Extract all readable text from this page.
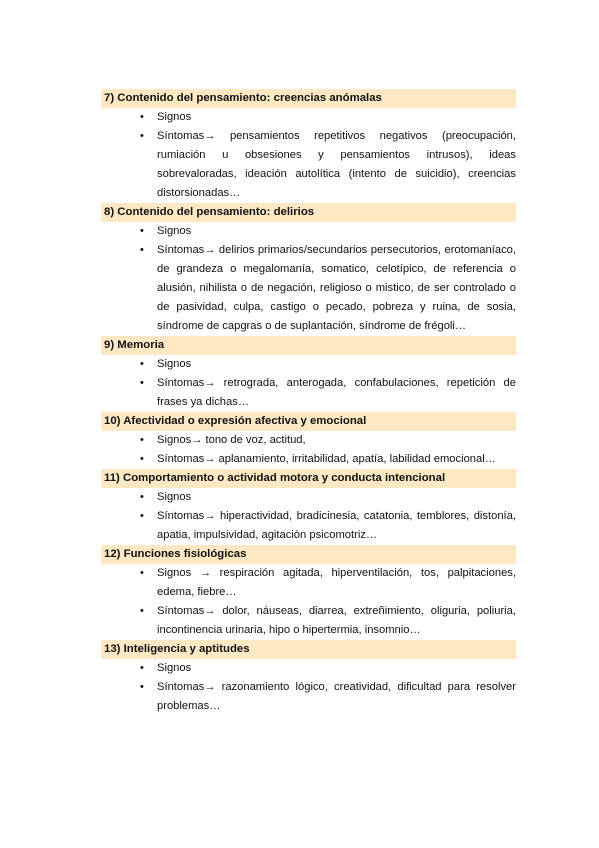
7) Contenido del pensamiento: creencias anómalas
• Signos
• Síntomas→ pensamientos repetitivos negativos (preocupación, rumiación u obsesiones y pensamientos intrusos), ideas sobrevaloradas, ideación autolítica (intento de suicidio), creencias distorsionadas…
8) Contenido del pensamiento: delirios
• Signos
• Síntomas→ delirios primarios/secundarios persecutorios, erotomaníaco, de grandeza o megalomanía, somatico, celotípico, de referencia o alusión, nihilista o de negación, religioso o mistico, de ser controlado o de pasividad, culpa, castigo o pecado, pobreza y ruina, de sosia, síndrome de capgras o de suplantación, síndrome de frégoli…
9) Memoria
• Signos
• Síntomas→ retrograda, anterogada, confabulaciones, repetición de frases ya dichas…
10) Afectividad o expresión afectiva y emocional
• Signos→ tono de voz, actitud,
• Síntomas→ aplanamiento, irritabilidad, apatía, labilidad emocional…
11) Comportamiento o actividad motora y conducta intencional
• Signos
• Síntomas→ hiperactividad, bradicinesia, catatonia, temblores, distonía, apatia, impulsividad, agitación psicomotriz…
12) Funciones fisiológicas
• Signos → respiración agitada, hiperventilación, tos, palpitaciones, edema, fiebre…
• Síntomas→ dolor, náuseas, diarrea, extreñimiento, oliguria, poliuria, incontinencia urinaria, hipo o hipertermia, insomnio…
13) Inteligencia y aptitudes
• Signos
• Síntomas→ razonamiento lógico, creatividad, dificultad para resolver problemas…
